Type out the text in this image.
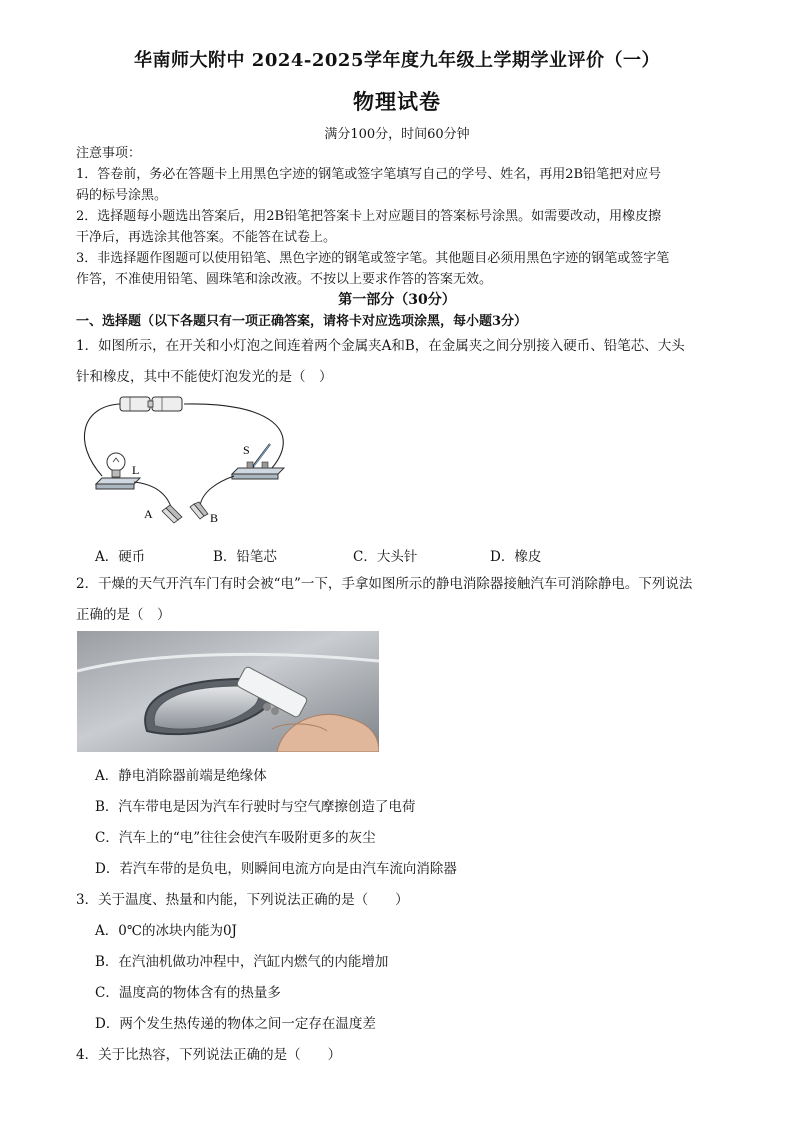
华南师大附中 2024-2025学年度九年级上学期学业评价（一）
物理试卷
满分100分，时间60分钟

注意事项：

1．答卷前，务必在答题卡上用黑色字迹的钢笔或签字笔填写自己的学号、姓名，再用2B铅笔把对应号

码的标号涂黑。

2．选择题每小题选出答案后，用2B铅笔把答案卡上对应题目的答案标号涂黑。如需要改动，用橡皮擦

干净后，再选涂其他答案。不能答在试卷上。

3．非选择题作图题可以使用铅笔、黑色字迹的钢笔或签字笔。其他题目必须用黑色字迹的钢笔或签字笔

作答，不准使用铅笔、圆珠笔和涂改液。不按以上要求作答的答案无效。

第一部分（30分）
一、选择题（以下各题只有一项正确答案，请将卡对应选项涂黑，每小题3分）

1．如图所示，在开关和小灯泡之间连着两个金属夹A和B，在金属夹之间分别接入硬币、铅笔芯、大头

针和橡皮，其中不能使灯泡发光的是（　）

L
S
A	B
A．硬币	B．铅笔芯	C．大头针	D．橡皮

2．干燥的天气开汽车门有时会被“电”一下，手拿如图所示的静电消除器接触汽车可消除静电。下列说法

正确的是（　）

A．静电消除器前端是绝缘体
B．汽车带电是因为汽车行驶时与空气摩擦创造了电荷
C．汽车上的“电”往往会使汽车吸附更多的灰尘
D．若汽车带的是负电，则瞬间电流方向是由汽车流向消除器
3．关于温度、热量和内能，下列说法正确的是（　　）
A．0℃的冰块内能为0J
B．在汽油机做功冲程中，汽缸内燃气的内能增加
C．温度高的物体含有的热量多
D．两个发生热传递的物体之间一定存在温度差
4．关于比热容，下列说法正确的是（　　）
